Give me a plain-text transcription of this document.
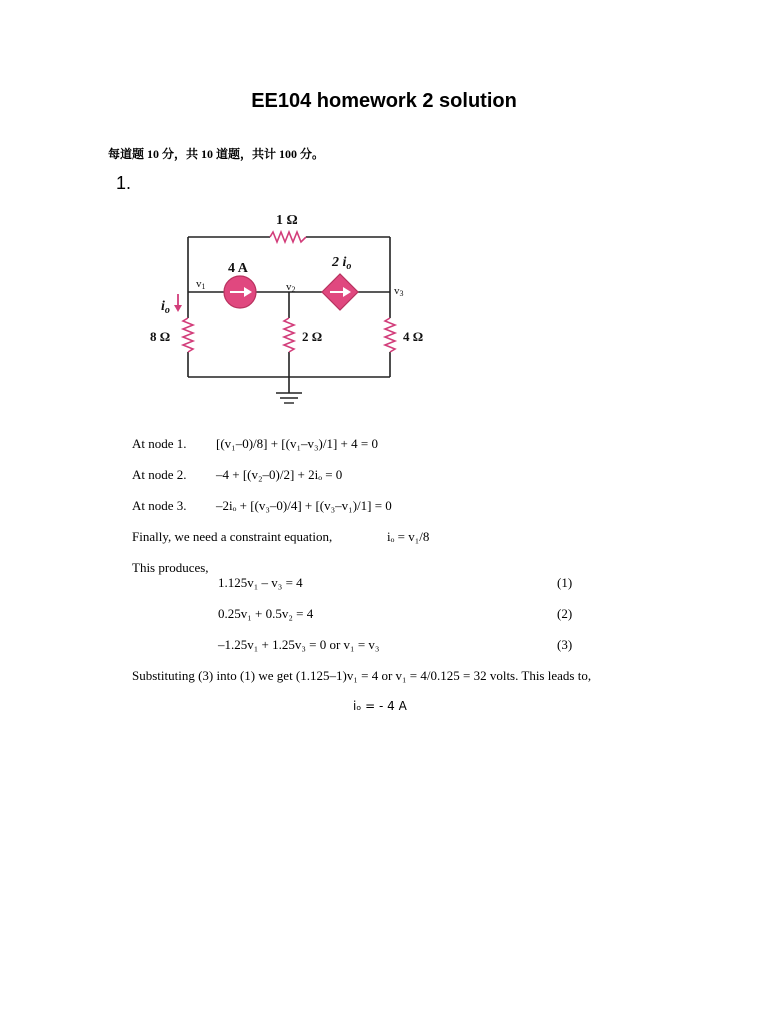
EE104 homework 2 solution
每道题 10 分，共 10 道题，共计 100 分。
1.
1 Ω
4 A	2 $i_o$
8 Ω	2 Ω	4 Ω
$i_o$
v1	v2	v3
At node 1. [(v₁–0)/8] + [(v₁–v₃)/1] + 4 = 0
At node 2. –4 + [(v₂–0)/2] + 2iₒ = 0
At node 3. –2iₒ + [(v₃–0)/4] + [(v₃–v₁)/1] = 0
Finally, we need a constraint equation,	iₒ = v₁/8
This produces,
1.125v₁ – v₃ = 4	(1)
0.25v₁ + 0.5v₂ = 4	(2)
–1.25v₁ + 1.25v₃ = 0 or v₁ = v₃	(3)
Substituting (3) into (1) we get (1.125–1)v₁ = 4 or v₁ = 4/0.125 = 32 volts. This leads to,
iₒ = - 4 A
